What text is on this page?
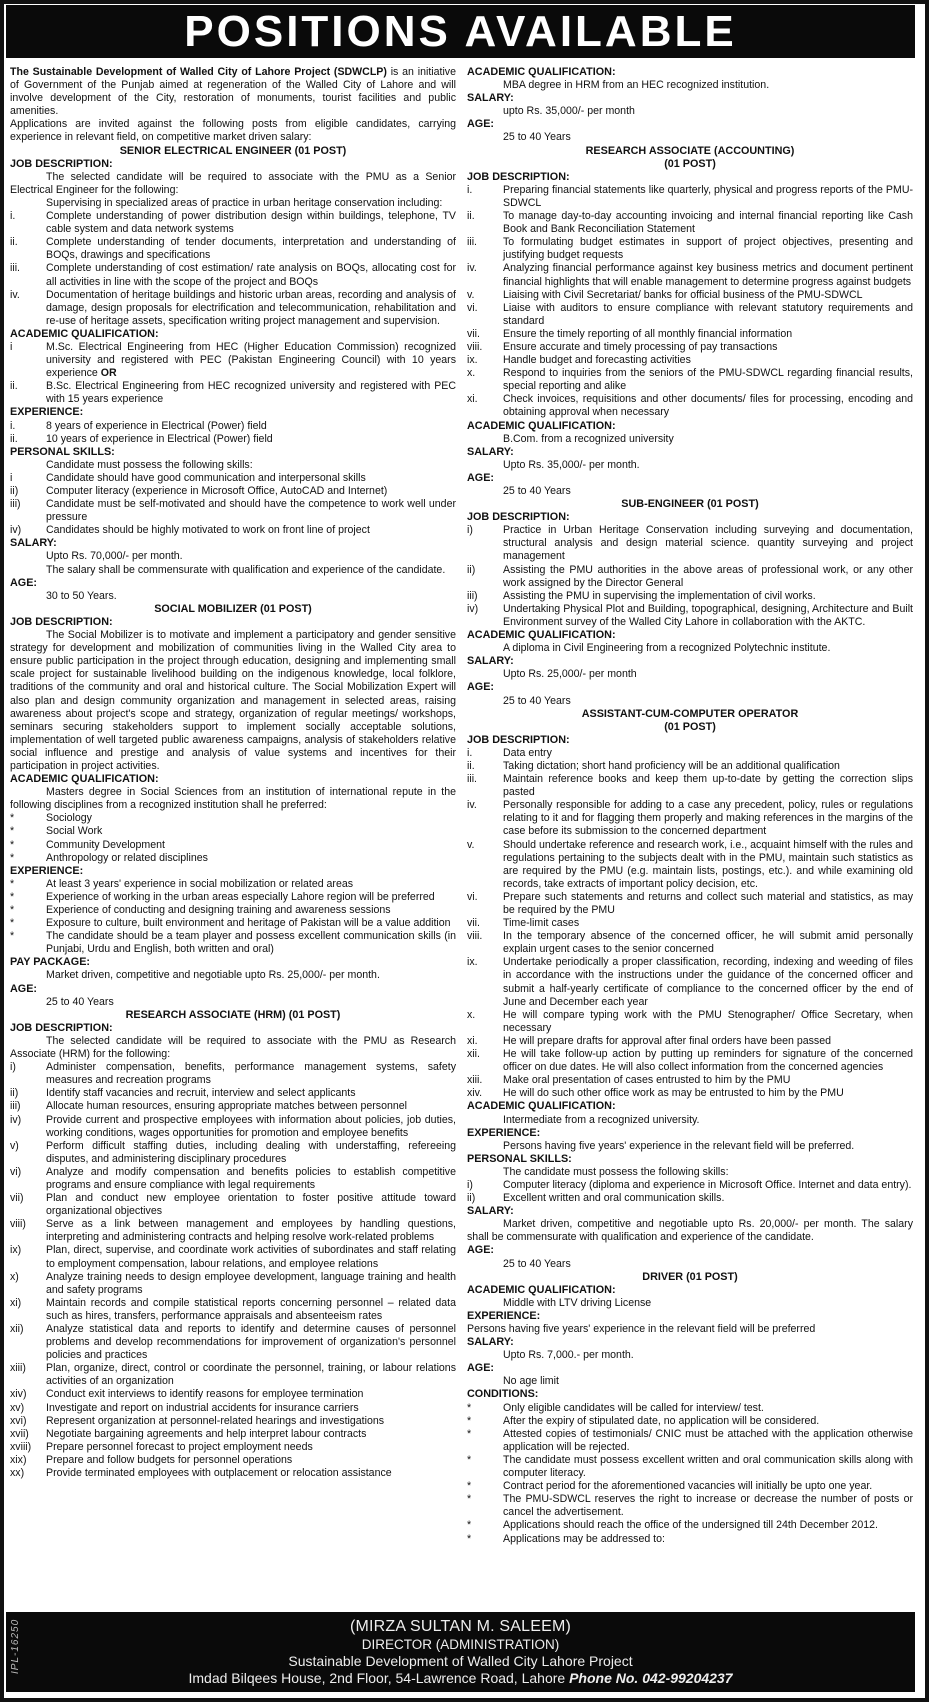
POSITIONS AVAILABLE

The Sustainable Development of Walled City of Lahore Project (SDWCLP) is an initiative of Government of the Punjab aimed at regeneration of the Walled City of Lahore and will involve development of the City, restoration of monuments, tourist facilities and public amenities.

Applications are invited against the following posts from eligible candidates, carrying experience in relevant field, on competitive market driven salary:

SENIOR ELECTRICAL ENGINEER (01 POST)
JOB DESCRIPTION:

The selected candidate will be required to associate with the PMU as a Senior Electrical Engineer for the following:

Supervising in specialized areas of practice in urban heritage conservation including:

i.	Complete understanding of power distribution design within buildings, telephone, TV cable system and data network systems
ii.	Complete understanding of tender documents, interpretation and understanding of BOQs, drawings and specifications
iii.	Complete understanding of cost estimation/ rate analysis on BOQs, allocating cost for all activities in line with the scope of the project and BOQs
iv.	Documentation of heritage buildings and historic urban areas, recording and analysis of damage, design proposals for electrification and telecommunication, rehabilitation and re-use of heritage assets, specification writing project management and supervision.
ACADEMIC QUALIFICATION:
i	M.Sc. Electrical Engineering from HEC (Higher Education Commission) recognized university and registered with PEC (Pakistan Engineering Council) with 10 years experience OR
ii.	B.Sc. Electrical Engineering from HEC recognized university and registered with PEC with 15 years experience
EXPERIENCE:
i.	8 years of experience in Electrical (Power) field
ii.	10 years of experience in Electrical (Power) field
PERSONAL SKILLS:

Candidate must possess the following skills:

i	Candidate should have good communication and interpersonal skills
ii)	Computer literacy (experience in Microsoft Office, AutoCAD and Internet)
iii)	Candidate must be self-motivated and should have the competence to work well under pressure
iv)	Candidates should be highly motivated to work on front line of project
SALARY:

Upto Rs. 70,000/- per month.

The salary shall be commensurate with qualification and experience of the candidate.

AGE:

30 to 50 Years.

SOCIAL MOBILIZER (01 POST)
JOB DESCRIPTION:

The Social Mobilizer is to motivate and implement a participatory and gender sensitive strategy for development and mobilization of communities living in the Walled City area to ensure public participation in the project through education, designing and implementing small scale project for sustainable livelihood building on the indigenous knowledge, local folklore, traditions of the community and oral and historical culture. The Social Mobilization Expert will also plan and design community organization and management in selected areas, raising awareness about project's scope and strategy, organization of regular meetings/ workshops, seminars securing stakeholders support to implement socially acceptable solutions, implementation of well targeted public awareness campaigns, analysis of stakeholders relative social influence and prestige and analysis of value systems and incentives for their participation in project activities.

ACADEMIC QUALIFICATION:

Masters degree in Social Sciences from an institution of international repute in the following disciplines from a recognized institution shall he preferred:

*	Sociology
*	Social Work
*	Community Development
*	Anthropology or related disciplines
EXPERIENCE:
*	At least 3 years' experience in social mobilization or related areas
*	Experience of working in the urban areas especially Lahore region will be preferred
*	Experience of conducting and designing training and awareness sessions
*	Exposure to culture, built environment and heritage of Pakistan will be a value addition
*	The candidate should be a team player and possess excellent communication skills (in Punjabi, Urdu and English, both written and oral)
PAY PACKAGE:

Market driven, competitive and negotiable upto Rs. 25,000/- per month.

AGE:

25 to 40 Years

RESEARCH ASSOCIATE (HRM) (01 POST)
JOB DESCRIPTION:

The selected candidate will be required to associate with the PMU as Research Associate (HRM) for the following:

i)	Administer compensation, benefits, performance management systems, safety measures and recreation programs
ii)	Identify staff vacancies and recruit, interview and select applicants
iii)	Allocate human resources, ensuring appropriate matches between personnel
iv)	Provide current and prospective employees with information about policies, job duties, working conditions, wages opportunities for promotion and employee benefits
v)	Perform difficult staffing duties, including dealing with understaffing, refereeing disputes, and administering disciplinary procedures
vi)	Analyze and modify compensation and benefits policies to establish competitive programs and ensure compliance with legal requirements
vii)	Plan and conduct new employee orientation to foster positive attitude toward organizational objectives
viii)	Serve as a link between management and employees by handling questions, interpreting and administering contracts and helping resolve work-related problems
ix)	Plan, direct, supervise, and coordinate work activities of subordinates and staff relating to employment compensation, labour relations, and employee relations
x)	Analyze training needs to design employee development, language training and health and safety programs
xi)	Maintain records and compile statistical reports concerning personnel – related data such as hires, transfers, performance appraisals and absenteeism rates
xii)	Analyze statistical data and reports to identify and determine causes of personnel problems and develop recommendations for improvement of organization's personnel policies and practices
xiii)	Plan, organize, direct, control or coordinate the personnel, training, or labour relations activities of an organization
xiv)	Conduct exit interviews to identify reasons for employee termination
xv)	Investigate and report on industrial accidents for insurance carriers
xvi)	Represent organization at personnel-related hearings and investigations
xvii)	Negotiate bargaining agreements and help interpret labour contracts
xviii)	Prepare personnel forecast to project employment needs
xix)	Prepare and follow budgets for personnel operations
xx)	Provide terminated employees with outplacement or relocation assistance
ACADEMIC QUALIFICATION:

MBA degree in HRM from an HEC recognized institution.

SALARY:

upto Rs. 35,000/- per month

AGE:

25 to 40 Years

RESEARCH ASSOCIATE (ACCOUNTING)
(01 POST)
JOB DESCRIPTION:
i.	Preparing financial statements like quarterly, physical and progress reports of the PMU-SDWCL
ii.	To manage day-to-day accounting invoicing and internal financial reporting like Cash Book and Bank Reconciliation Statement
iii.	To formulating budget estimates in support of project objectives, presenting and justifying budget requests
iv.	Analyzing financial performance against key business metrics and document pertinent financial highlights that will enable management to determine progress against budgets
v.	Liaising with Civil Secretariat/ banks for official business of the PMU-SDWCL
vi.	Liaise with auditors to ensure compliance with relevant statutory requirements and standard
vii.	Ensure the timely reporting of all monthly financial information
viii.	Ensure accurate and timely processing of pay transactions
ix.	Handle budget and forecasting activities
x.	Respond to inquiries from the seniors of the PMU-SDWCL regarding financial results, special reporting and alike
xi.	Check invoices, requisitions and other documents/ files for processing, encoding and obtaining approval when necessary
ACADEMIC QUALIFICATION:

B.Com. from a recognized university

SALARY:

Upto Rs. 35,000/- per month.

AGE:

25 to 40 Years

SUB-ENGINEER (01 POST)
JOB DESCRIPTION:
i)	Practice in Urban Heritage Conservation including surveying and documentation, structural analysis and design material science. quantity surveying and project management
ii)	Assisting the PMU authorities in the above areas of professional work, or any other work assigned by the Director General
iii)	Assisting the PMU in supervising the implementation of civil works.
iv)	Undertaking Physical Plot and Building, topographical, designing, Architecture and Built Environment survey of the Walled City Lahore in collaboration with the AKTC.
ACADEMIC QUALIFICATION:

A diploma in Civil Engineering from a recognized Polytechnic institute.

SALARY:

Upto Rs. 25,000/- per month

AGE:

25 to 40 Years

ASSISTANT-CUM-COMPUTER OPERATOR
(01 POST)
JOB DESCRIPTION:
i.	Data entry
ii.	Taking dictation; short hand proficiency will be an additional qualification
iii.	Maintain reference books and keep them up-to-date by getting the correction slips pasted
iv.	Personally responsible for adding to a case any precedent, policy, rules or regulations relating to it and for flagging them properly and making references in the margins of the case before its submission to the concerned department
v.	Should undertake reference and research work, i.e., acquaint himself with the rules and regulations pertaining to the subjects dealt with in the PMU, maintain such statistics as are required by the PMU (e.g. maintain lists, postings, etc.). and while examining old records, take extracts of important policy decision, etc.
vi.	Prepare such statements and returns and collect such material and statistics, as may be required by the PMU
vii.	Time-limit cases
viii.	In the temporary absence of the concerned officer, he will submit amid personally explain urgent cases to the senior concerned
ix.	Undertake periodically a proper classification, recording, indexing and weeding of files in accordance with the instructions under the guidance of the concerned officer and submit a half-yearly certificate of compliance to the concerned officer by the end of June and December each year
x.	He will compare typing work with the PMU Stenographer/ Office Secretary, when necessary
xi.	He will prepare drafts for approval after final orders have been passed
xii.	He will take follow-up action by putting up reminders for signature of the concerned officer on due dates. He will also collect information from the concerned agencies
xiii.	Make oral presentation of cases entrusted to him by the PMU
xiv.	He will do such other office work as may be entrusted to him by the PMU
ACADEMIC QUALIFICATION:

Intermediate from a recognized university.

EXPERIENCE:

Persons having five years' experience in the relevant field will be preferred.

PERSONAL SKILLS:

The candidate must possess the following skills:

i)	Computer literacy (diploma and experience in Microsoft Office. Internet and data entry).
ii)	Excellent written and oral communication skills.
SALARY:

Market driven, competitive and negotiable upto Rs. 20,000/- per month. The salary shall be commensurate with qualification and experience of the candidate.

AGE:

25 to 40 Years

DRIVER (01 POST)
ACADEMIC QUALIFICATION:

Middle with LTV driving License

EXPERIENCE:

Persons having five years' experience in the relevant field will be preferred

SALARY:

Upto Rs. 7,000.- per month.

AGE:

No age limit

CONDITIONS:
*	Only eligible candidates will be called for interview/ test.
*	After the expiry of stipulated date, no application will be considered.
*	Attested copies of testimonials/ CNIC must be attached with the application otherwise application will be rejected.
*	The candidate must possess excellent written and oral communication skills along with computer literacy.
*	Contract period for the aforementioned vacancies will initially be upto one year.
*	The PMU-SDWCL reserves the right to increase or decrease the number of posts or cancel the advertisement.
*	Applications should reach the office of the undersigned till 24th December 2012.
*	Applications may be addressed to:
IPL-16250	(MIRZA SULTAN M. SALEEM)
DIRECTOR (ADMINISTRATION)
Sustainable Development of Walled City Lahore Project
Imdad Bilqees House, 2nd Floor, 54-Lawrence Road, Lahore Phone No. 042-99204237
